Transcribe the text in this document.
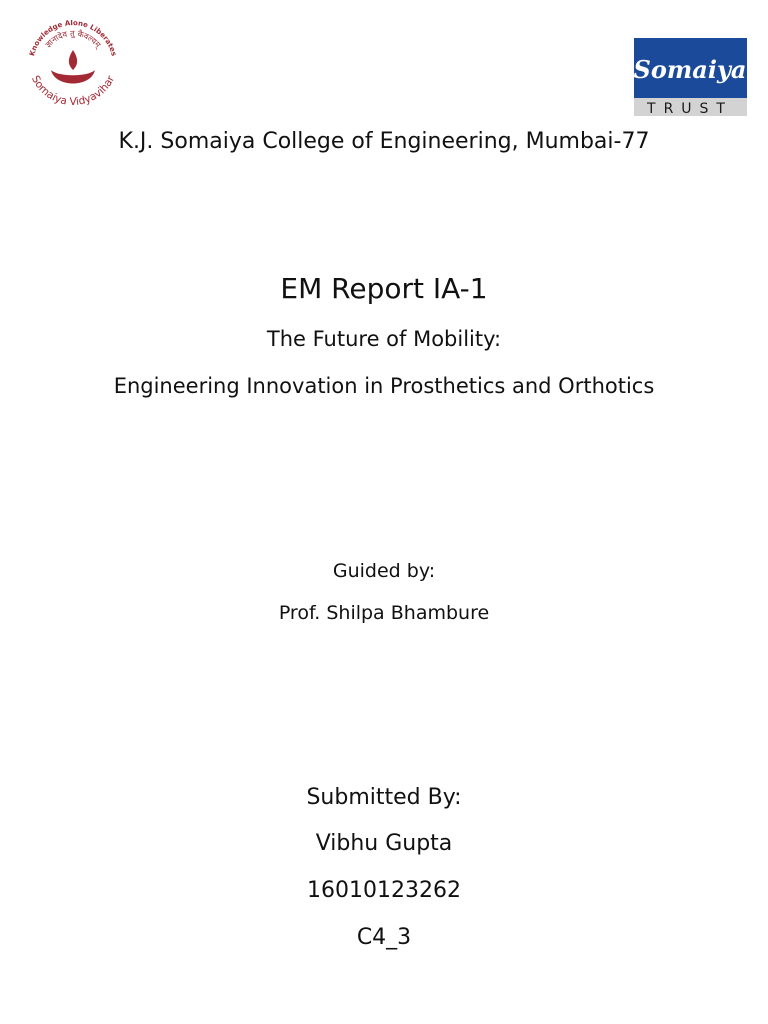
Knowledge Alone Liberates
ज्ञानादेव तु कैवल्यम्
Somaiya Vidyavihar	Somaiya
TRUST

K.J. Somaiya College of Engineering, Mumbai-77

EM Report IA-1

The Future of Mobility:

Engineering Innovation in Prosthetics and Orthotics

Guided by:

Prof. Shilpa Bhambure

Submitted By:

Vibhu Gupta

16010123262

C4_3
